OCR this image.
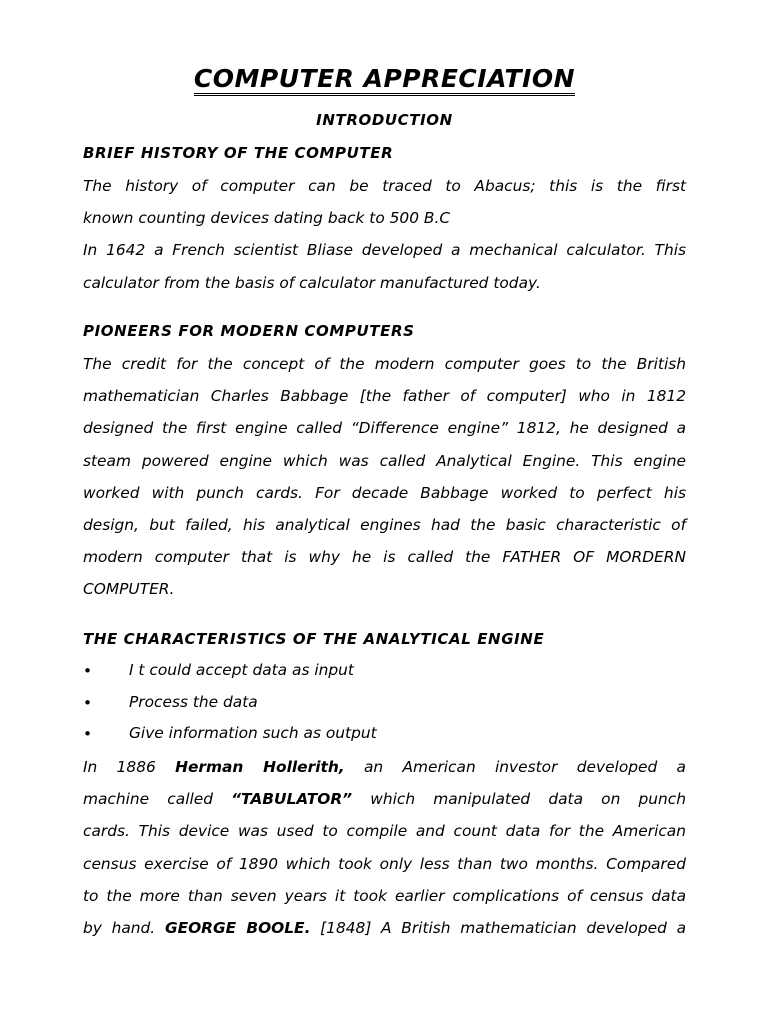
COMPUTER APPRECIATION
INTRODUCTION
BRIEF HISTORY OF THE COMPUTER
The history of computer can be traced to Abacus; this is the first
known counting devices dating back to 500 B.C
In 1642 a French scientist Bliase developed a mechanical calculator. This
calculator from the basis of calculator manufactured today.
PIONEERS FOR MODERN COMPUTERS
The credit for the concept of the modern computer goes to the British
mathematician Charles Babbage [the father of computer] who in 1812
designed the first engine called “Difference engine” 1812, he designed a
steam powered engine which was called Analytical Engine. This engine
worked with punch cards. For decade Babbage worked to perfect his
design, but failed, his analytical engines had the basic characteristic of
modern computer that is why he is called the FATHER OF MORDERN
COMPUTER.
THE CHARACTERISTICS OF THE ANALYTICAL ENGINE
• I t could accept data as input
• Process the data
• Give information such as output
In 1886 Herman Hollerith, an American investor developed a
machine called “TABULATOR” which manipulated data on punch
cards. This device was used to compile and count data for the American
census exercise of 1890 which took only less than two months. Compared
to the more than seven years it took earlier complications of census data
by hand. GEORGE BOOLE. [1848] A British mathematician developed a
